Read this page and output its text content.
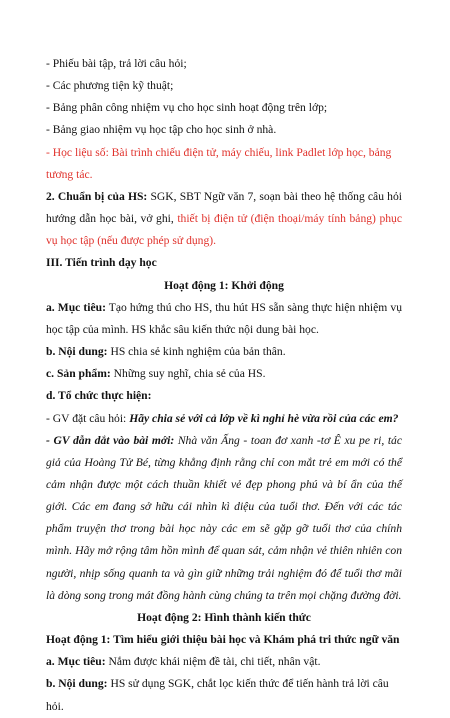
- Phiếu bài tập, trả lời câu hỏi;

- Các phương tiện kỹ thuật;

- Bảng phân công nhiệm vụ cho học sinh hoạt động trên lớp;

- Bảng giao nhiệm vụ học tập cho học sinh ở nhà.

- Học liệu số: Bài trình chiếu điện tử, máy chiếu, link Padlet lớp học, bảng tương tác.

2. Chuẩn bị của HS: SGK, SBT Ngữ văn 7, soạn bài theo hệ thống câu hỏi hướng dẫn học bài, vở ghi, thiết bị điện tử (điện thoại/máy tính bảng) phục vụ học tập (nếu được phép sử dụng).

III. Tiến trình dạy học

Hoạt động 1: Khởi động

a. Mục tiêu: Tạo hứng thú cho HS, thu hút HS sẵn sàng thực hiện nhiệm vụ học tập của mình. HS khắc sâu kiến thức nội dung bài học.

b. Nội dung: HS chia sẻ kinh nghiệm của bản thân.

c. Sản phẩm: Những suy nghĩ, chia sẻ của HS.

d. Tổ chức thực hiện:

- GV đặt câu hỏi: Hãy chia sẻ với cả lớp về kì nghỉ hè vừa rồi của các em?

- GV dẫn dắt vào bài mới: Nhà văn Ấng - toan đơ xanh -tơ Ê xu pe ri, tác giả của Hoàng Tử Bé, từng khẳng định rằng chỉ con mắt trẻ em mới có thể cảm nhận được một cách thuần khiết vẻ đẹp phong phú và bí ẩn của thế giới. Các em đang sở hữu cái nhìn kì diệu của tuổi thơ. Đến với các tác phẩm truyện thơ trong bài học này các em sẽ gặp gỡ tuổi thơ của chính mình. Hãy mở rộng tâm hồn mình để quan sát, cảm nhận vẻ thiên nhiên con người, nhịp sống quanh ta và gìn giữ những trải nghiệm đó để tuổi thơ mãi là dòng song trong mát đồng hành cùng chúng ta trên mọi chặng đường đời.

Hoạt động 2: Hình thành kiến thức

Hoạt động 1: Tìm hiểu giới thiệu bài học và Khám phá tri thức ngữ văn

a. Mục tiêu: Nắm được khái niệm đề tài, chi tiết, nhân vật.

b. Nội dung: HS sử dụng SGK, chắt lọc kiến thức để tiến hành trả lời câu hỏi.
